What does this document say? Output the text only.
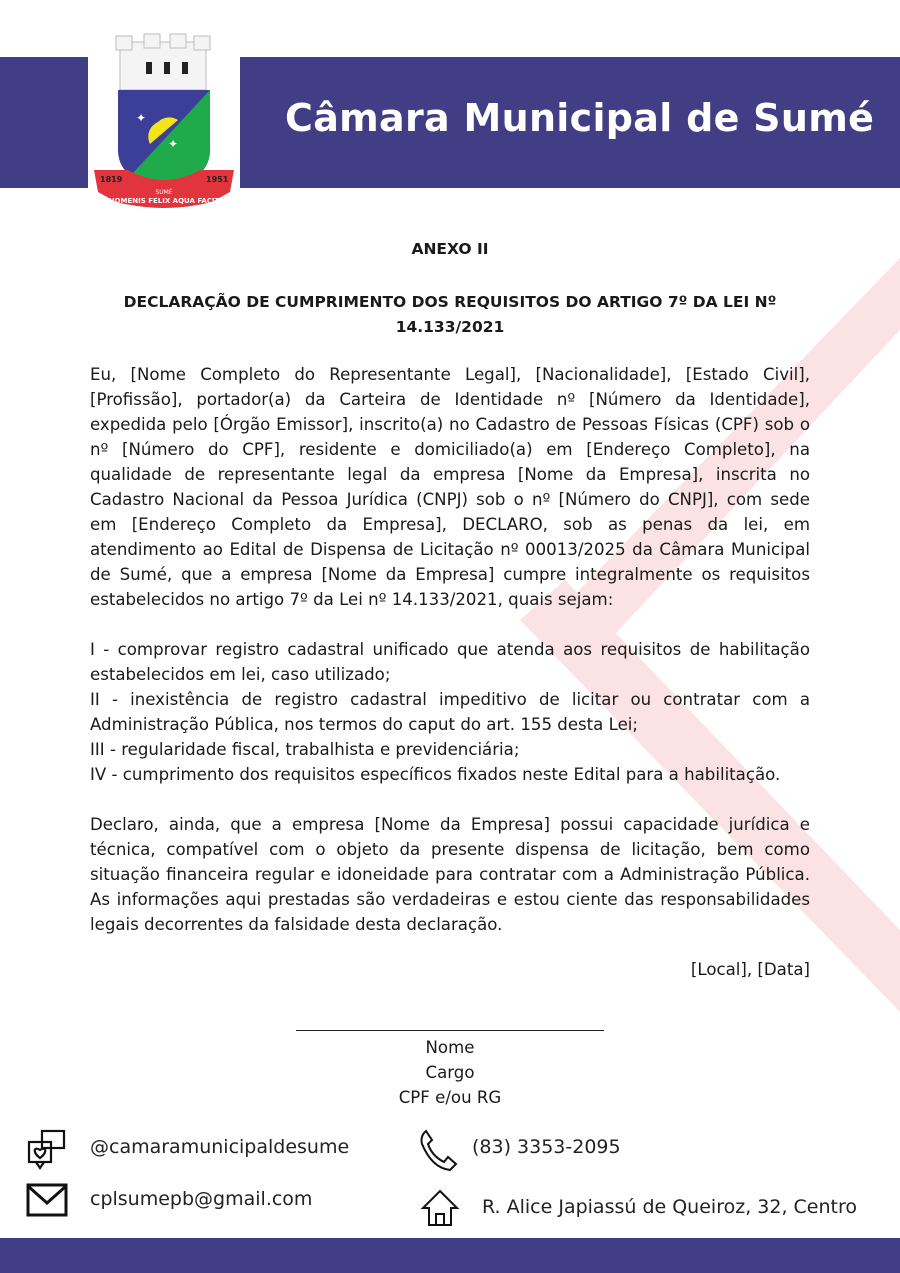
Câmara Municipal de Sumé
✦
✦
1819	1951
SUMÉ
HOMENIS FELIX AQUA FACIT
ANEXO II
DECLARAÇÃO DE CUMPRIMENTO DOS REQUISITOS DO ARTIGO 7º DA LEI Nº
14.133/2021
Eu, [Nome Completo do Representante Legal], [Nacionalidade], [Estado Civil],
[Profissão], portador(a) da Carteira de Identidade nº [Número da Identidade],
expedida pelo [Órgão Emissor], inscrito(a) no Cadastro de Pessoas Físicas (CPF) sob o
nº [Número do CPF], residente e domiciliado(a) em [Endereço Completo], na
qualidade de representante legal da empresa [Nome da Empresa], inscrita no
Cadastro Nacional da Pessoa Jurídica (CNPJ) sob o nº [Número do CNPJ], com sede
em [Endereço Completo da Empresa], DECLARO, sob as penas da lei, em
atendimento ao Edital de Dispensa de Licitação nº 00013/2025 da Câmara Municipal
de Sumé, que a empresa [Nome da Empresa] cumpre integralmente os requisitos
estabelecidos no artigo 7º da Lei nº 14.133/2021, quais sejam:
I - comprovar registro cadastral unificado que atenda aos requisitos de habilitação
estabelecidos em lei, caso utilizado;
II - inexistência de registro cadastral impeditivo de licitar ou contratar com a
Administração Pública, nos termos do caput do art. 155 desta Lei;
III - regularidade fiscal, trabalhista e previdenciária;
IV - cumprimento dos requisitos específicos fixados neste Edital para a habilitação.
Declaro, ainda, que a empresa [Nome da Empresa] possui capacidade jurídica e
técnica, compatível com o objeto da presente dispensa de licitação, bem como
situação financeira regular e idoneidade para contratar com a Administração Pública.
As informações aqui prestadas são verdadeiras e estou ciente das responsabilidades
legais decorrentes da falsidade desta declaração.
[Local], [Data]
Nome
Cargo
CPF e/ou RG
@camaramunicipaldesume	(83) 3353-2095
cplsumepb@gmail.com	R. Alice Japiassú de Queiroz, 32, Centro
